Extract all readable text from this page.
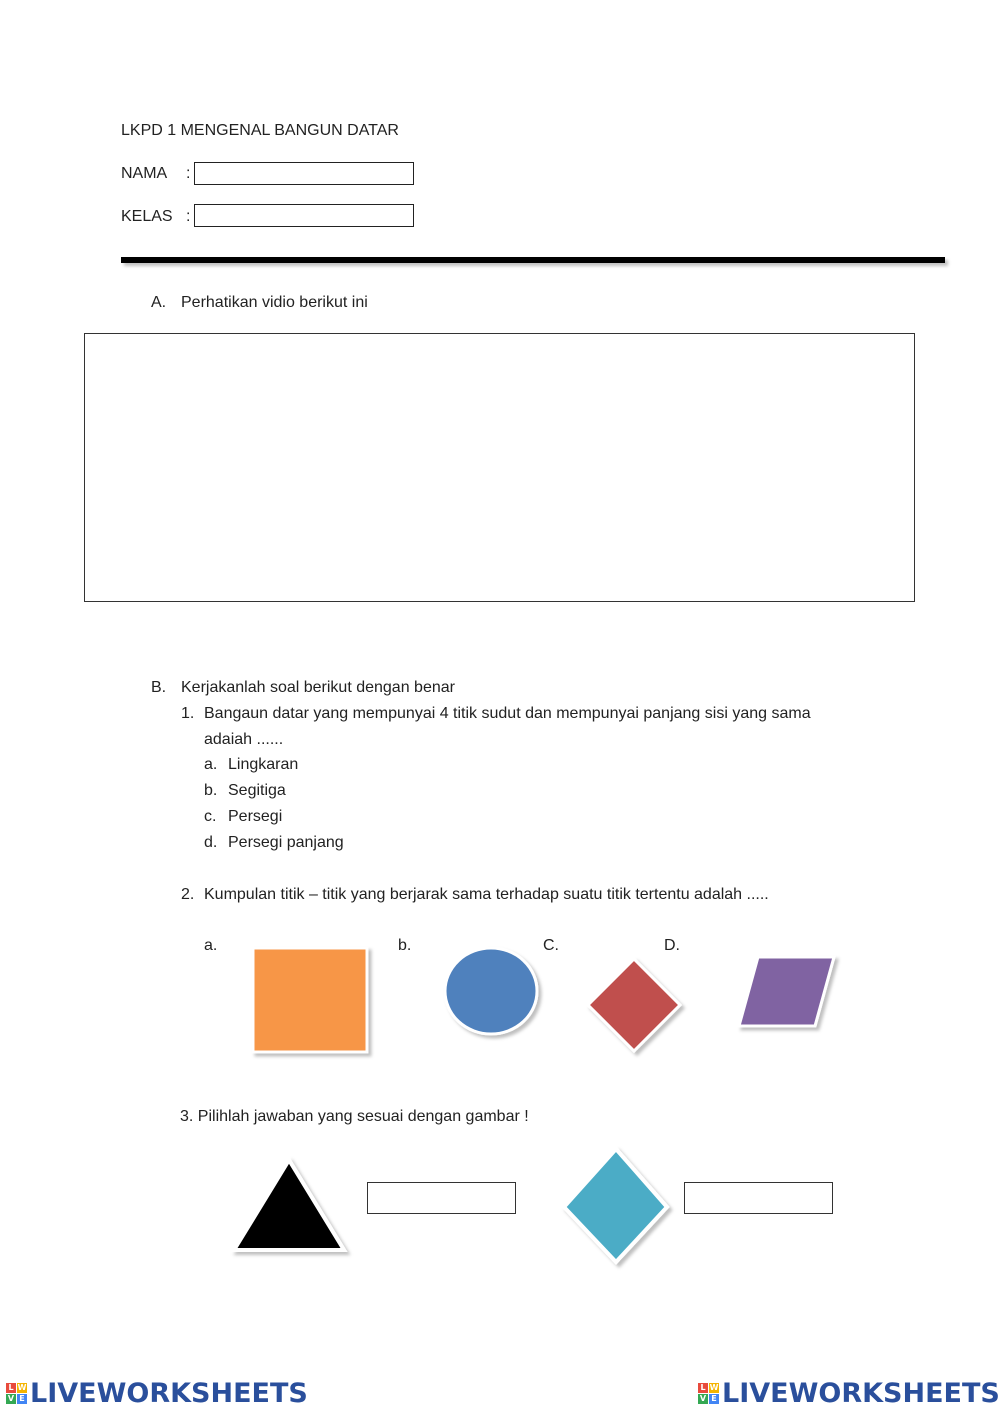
LKPD 1 MENGENAL BANGUN DATAR
NAMA :
KELAS :
A. Perhatikan vidio berikut ini
B. Kerjakanlah soal berikut dengan benar
1. Bangaun datar yang mempunyai 4 titik sudut dan mempunyai panjang sisi yang sama
adaiah ......
a. Lingkaran
b. Segitiga
c. Persegi
d. Persegi panjang
2. Kumpulan titik – titik yang berjarak sama terhadap suatu titik tertentu adalah .....
a.	b.	C.	D.
3. Pilihlah jawaban yang sesuai dengan gambar !
L W
V E LIVEWORKSHEETS	L W
V E LIVEWORKSHEETS
